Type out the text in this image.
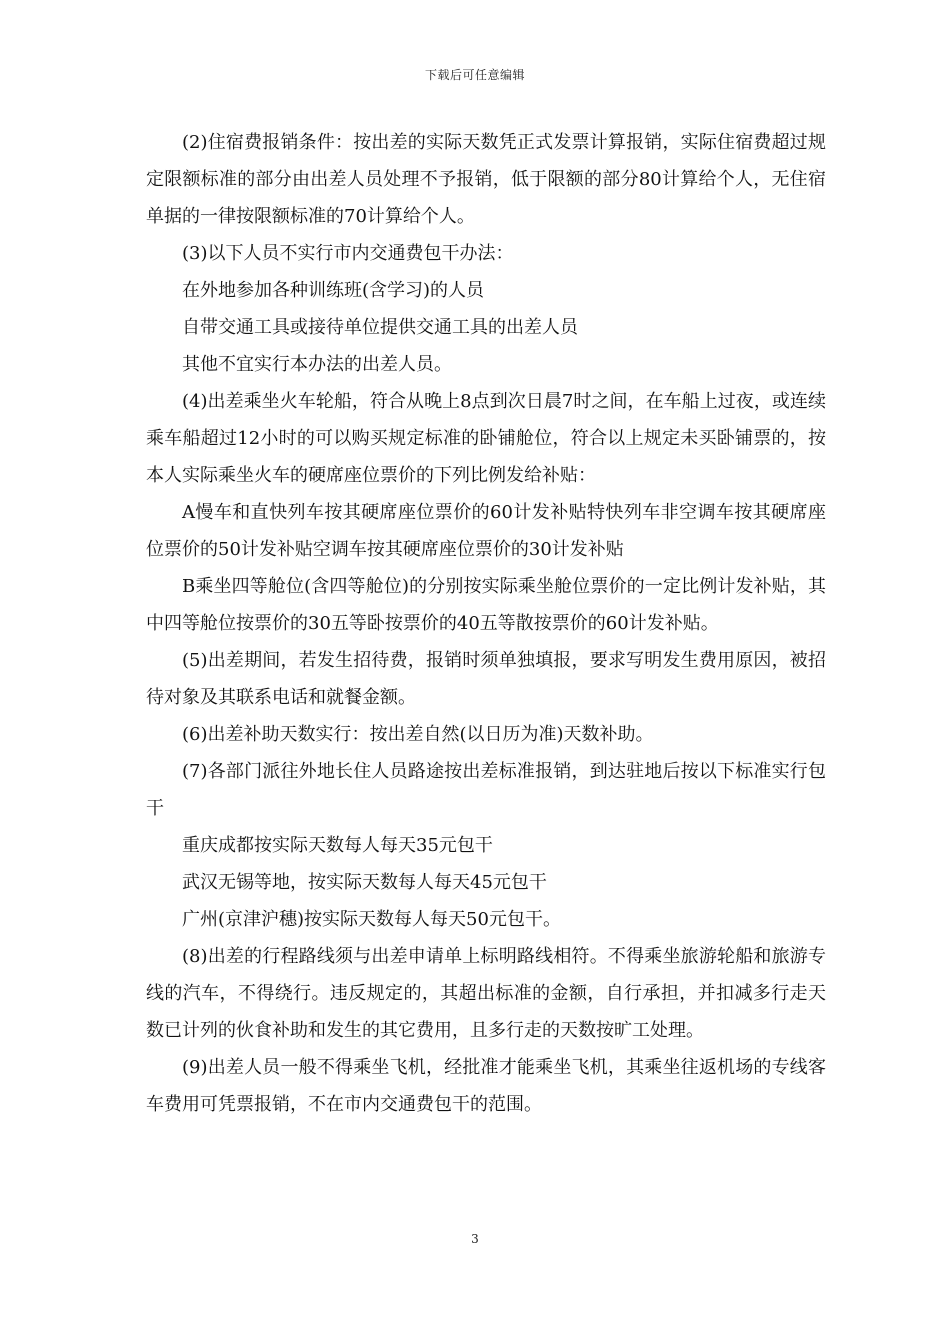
下载后可任意编辑

(2)住宿费报销条件：按出差的实际天数凭正式发票计算报销，实际住宿费超过规定限额标准的部分由出差人员处理不予报销，低于限额的部分80计算给个人，无住宿单据的一律按限额标准的70计算给个人。

(3)以下人员不实行市内交通费包干办法：

在外地参加各种训练班(含学习)的人员

自带交通工具或接待单位提供交通工具的出差人员

其他不宜实行本办法的出差人员。

(4)出差乘坐火车轮船，符合从晚上8点到次日晨7时之间，在车船上过夜，或连续乘车船超过12小时的可以购买规定标准的卧铺舱位，符合以上规定未买卧铺票的，按本人实际乘坐火车的硬席座位票价的下列比例发给补贴：

A慢车和直快列车按其硬席座位票价的60计发补贴特快列车非空调车按其硬席座位票价的50计发补贴空调车按其硬席座位票价的30计发补贴

B乘坐四等舱位(含四等舱位)的分别按实际乘坐舱位票价的一定比例计发补贴，其中四等舱位按票价的30五等卧按票价的40五等散按票价的60计发补贴。

(5)出差期间，若发生招待费，报销时须单独填报，要求写明发生费用原因，被招待对象及其联系电话和就餐金额。

(6)出差补助天数实行：按出差自然(以日历为准)天数补助。

(7)各部门派往外地长住人员路途按出差标准报销，到达驻地后按以下标准实行包干

重庆成都按实际天数每人每天35元包干

武汉无锡等地，按实际天数每人每天45元包干

广州(京津沪穗)按实际天数每人每天50元包干。

(8)出差的行程路线须与出差申请单上标明路线相符。不得乘坐旅游轮船和旅游专线的汽车，不得绕行。违反规定的，其超出标准的金额，自行承担，并扣减多行走天数已计列的伙食补助和发生的其它费用，且多行走的天数按旷工处理。

(9)出差人员一般不得乘坐飞机，经批准才能乘坐飞机，其乘坐往返机场的专线客车费用可凭票报销，不在市内交通费包干的范围。

3
